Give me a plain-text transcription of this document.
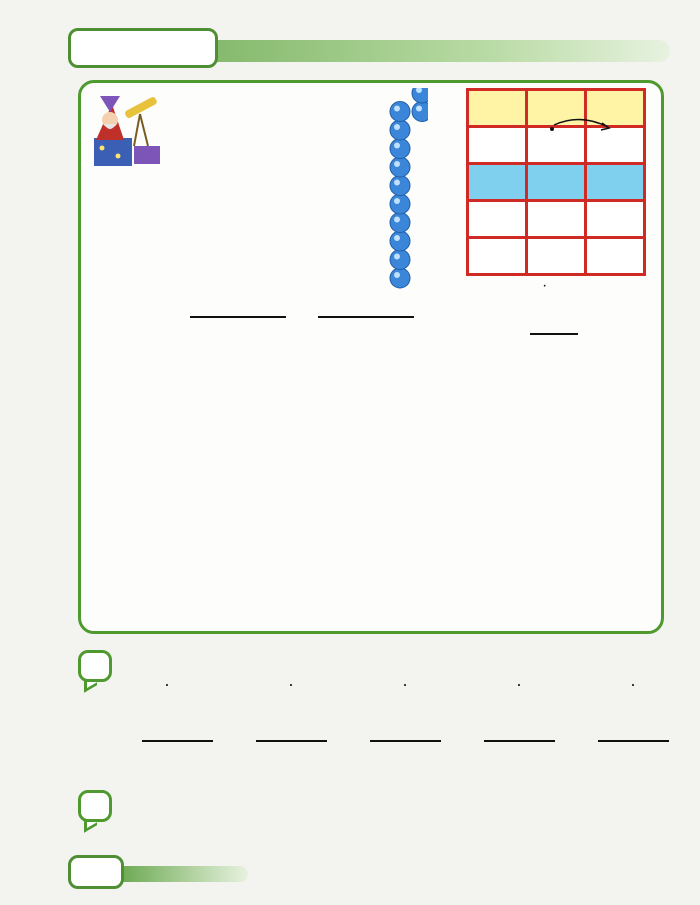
·
·	·	·	·	·
